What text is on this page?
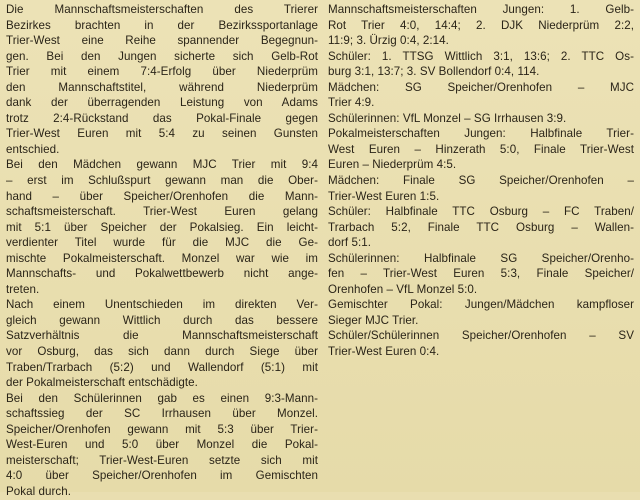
Die Mannschaftsmeisterschaften des Trierer
Bezirkes brachten in der Bezirkssportanlage
Trier-West eine Reihe spannender Begegnun-
gen. Bei den Jungen sicherte sich Gelb-Rot
Trier mit einem 7:4-Erfolg über Niederprüm
den Mannschaftstitel, während Niederprüm
dank der überragenden Leistung von Adams
trotz 2:4-Rückstand das Pokal-Finale gegen
Trier-West Euren mit 5:4 zu seinen Gunsten
entschied.
Bei den Mädchen gewann MJC Trier mit 9:4
– erst im Schlußspurt gewann man die Ober-
hand – über Speicher/Orenhofen die Mann-
schaftsmeisterschaft. Trier-West Euren gelang
mit 5:1 über Speicher der Pokalsieg. Ein leicht-
verdienter Titel wurde für die MJC die Ge-
mischte Pokalmeisterschaft. Monzel war wie im
Mannschafts- und Pokalwettbewerb nicht ange-
treten.
Nach einem Unentschieden im direkten Ver-
gleich gewann Wittlich durch das bessere
Satzverhältnis die Mannschaftsmeisterschaft
vor Osburg, das sich dann durch Siege über
Traben/Trarbach (5:2) und Wallendorf (5:1) mit
der Pokalmeisterschaft entschädigte.
Bei den Schülerinnen gab es einen 9:3-Mann-
schaftssieg der SC Irrhausen über Monzel.
Speicher/Orenhofen gewann mit 5:3 über Trier-
West-Euren und 5:0 über Monzel die Pokal-
meisterschaft; Trier-West-Euren setzte sich mit
4:0 über Speicher/Orenhofen im Gemischten
Pokal durch.
Mannschaftsmeisterschaften Jungen: 1. Gelb-
Rot Trier 4:0, 14:4; 2. DJK Niederprüm 2:2,
11:9; 3. Ürzig 0:4, 2:14.
Schüler: 1. TTSG Wittlich 3:1, 13:6; 2. TTC Os-
burg 3:1, 13:7; 3. SV Bollendorf 0:4, 114.
Mädchen: SG Speicher/Orenhofen – MJC
Trier 4:9.
Schülerinnen: VfL Monzel – SG Irrhausen 3:9.
Pokalmeisterschaften Jungen: Halbfinale Trier-
West Euren – Hinzerath 5:0, Finale Trier-West
Euren – Niederprüm 4:5.
Mädchen: Finale SG Speicher/Orenhofen –
Trier-West Euren 1:5.
Schüler: Halbfinale TTC Osburg – FC Traben/
Trarbach 5:2, Finale TTC Osburg – Wallen-
dorf 5:1.
Schülerinnen: Halbfinale SG Speicher/Orenho-
fen – Trier-West Euren 5:3, Finale Speicher/
Orenhofen – VfL Monzel 5:0.
Gemischter Pokal: Jungen/Mädchen kampfloser
Sieger MJC Trier.
Schüler/Schülerinnen Speicher/Orenhofen – SV
Trier-West Euren 0:4.
